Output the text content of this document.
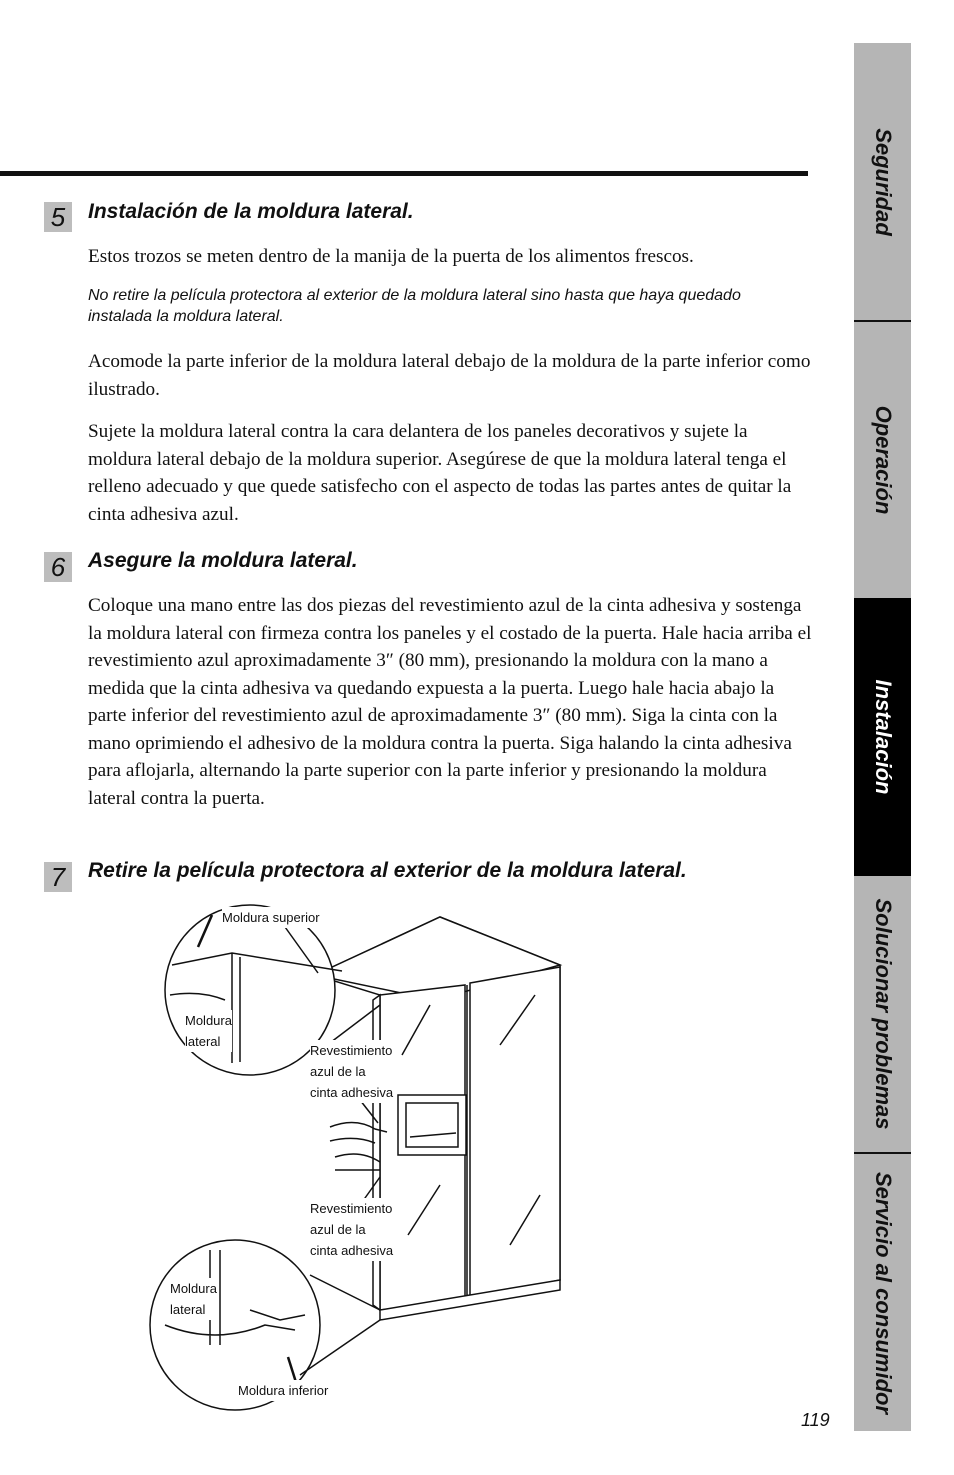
5	Instalación de la moldura lateral.

Estos trozos se meten dentro de la manija de la puerta de los alimentos frescos.

No retire la película protectora al exterior de la moldura lateral sino hasta que haya quedado instalada la moldura lateral.

Acomode la parte inferior de la moldura lateral debajo de la moldura de la parte inferior como ilustrado.

Sujete la moldura lateral contra la cara delantera de los paneles decorativos y sujete la moldura lateral debajo de la moldura superior. Asegúrese de que la moldura lateral tenga el relleno adecuado y que quede satisfecho con el aspecto de todas las partes antes de quitar la cinta adhesiva azul.

6	Asegure la moldura lateral.

Coloque una mano entre las dos piezas del revestimiento azul de la cinta adhesiva y sostenga la moldura lateral con firmeza contra los paneles y el costado de la puerta. Hale hacia arriba el revestimiento azul aproximadamente 3″ (80 mm), presionando la moldura con la mano a medida que la cinta adhesiva va quedando expuesta a la puerta. Luego hale hacia abajo la parte inferior del revestimiento azul de aproximadamente 3″ (80 mm). Siga la cinta con la mano oprimiendo el adhesivo de la moldura contra la puerta. Siga halando la cinta adhesiva para aflojarla, alternando la parte superior con la parte inferior y presionando la moldura lateral contra la puerta.

7	Retire la película protectora al exterior de la moldura lateral.
Moldura superior
Moldura
lateral
Revestimiento
azul de la
cinta adhesiva
Revestimiento
azul de la
cinta adhesiva
Moldura
lateral
Moldura inferior
Seguridad
Operación
Instalación
Solucionar problemas
Servicio al consumidor
119
